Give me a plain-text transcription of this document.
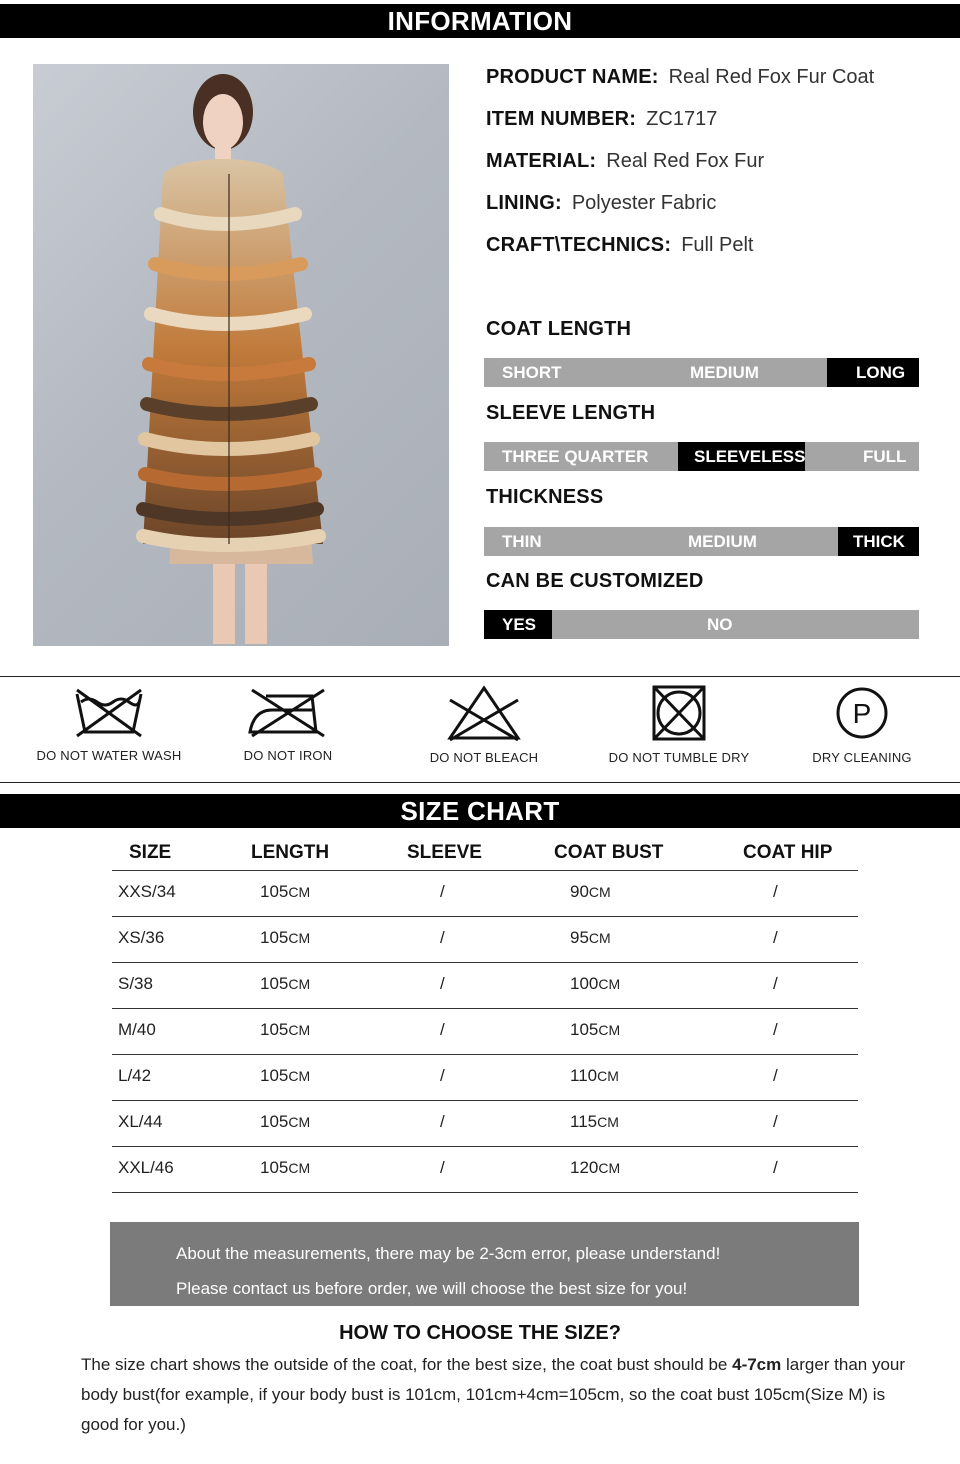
INFORMATION
PRODUCT NAME: Real Red Fox Fur Coat
ITEM NUMBER: ZC1717
MATERIAL: Real Red Fox Fur
LINING: Polyester Fabric
CRAFT\TECHNICS: Full Pelt
COAT LENGTH
SHORT	MEDIUM	LONG
SLEEVE LENGTH
THREE QUARTER	SLEEVELESS	FULL
THICKNESS
THIN	MEDIUM	THICK
CAN BE CUSTOMIZED
YES	NO
DO NOT WATER WASH	DO NOT IRON	DO NOT BLEACH	DO NOT TUMBLE DRY
P
DRY CLEANING
SIZE CHART
SIZE	LENGTH	SLEEVE	COAT BUST	COAT HIP
XXS/34	105CM	/	90CM	/
XS/36	105CM	/	95CM	/
S/38	105CM	/	100CM	/
M/40	105CM	/	105CM	/
L/42	105CM	/	110CM	/
XL/44	105CM	/	115CM	/
XXL/46	105CM	/	120CM	/
About the measurements, there may be 2-3cm error, please understand!
Please contact us before order, we will choose the best size for you!
HOW TO CHOOSE THE SIZE?
The size chart shows the outside of the coat, for the best size, the coat bust should be 4-7cm larger than your body bust(for example, if your body bust is 101cm, 101cm+4cm=105cm, so the coat bust 105cm(Size M) is good for you.)
